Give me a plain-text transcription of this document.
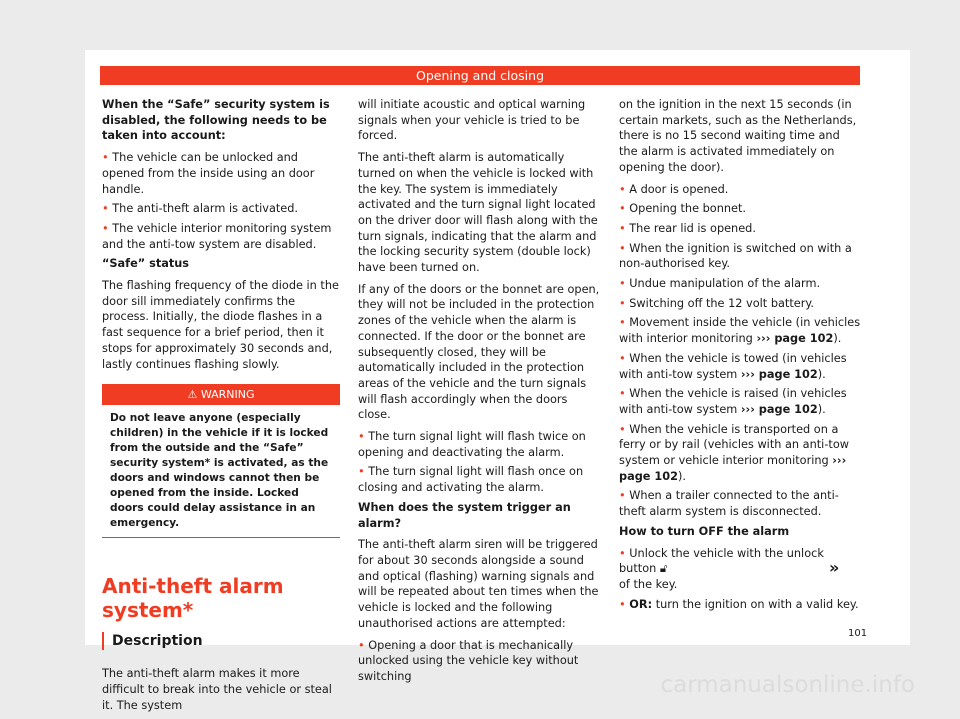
Opening and closing

When the “Safe” security system is disabled, the following needs to be taken into account:

• The vehicle can be unlocked and opened from the inside using an door handle.

• The anti-theft alarm is activated.

• The vehicle interior monitoring system and the anti-tow system are disabled.

“Safe” status

The flashing frequency of the diode in the door sill immediately confirms the process. Initially, the diode flashes in a fast sequence for a brief period, then it stops for approximately 30 seconds and, lastly continues flashing slowly.

⚠ WARNING
Do not leave anyone (especially children) in the vehicle if it is locked from the outside and the “Safe” security system* is activated, as the doors and windows cannot then be opened from the inside. Locked doors could delay assistance in an emergency.
Anti-theft alarm system*
Description

The anti-theft alarm makes it more difficult to break into the vehicle or steal it. The system

will initiate acoustic and optical warning signals when your vehicle is tried to be forced.

The anti-theft alarm is automatically turned on when the vehicle is locked with the key. The system is immediately activated and the turn signal light located on the driver door will flash along with the turn signals, indicating that the alarm and the locking security system (double lock) have been turned on.

If any of the doors or the bonnet are open, they will not be included in the protection zones of the vehicle when the alarm is connected. If the door or the bonnet are subsequently closed, they will be automatically included in the protection areas of the vehicle and the turn signals will flash accordingly when the doors close.

• The turn signal light will flash twice on opening and deactivating the alarm.

• The turn signal light will flash once on closing and activating the alarm.

When does the system trigger an alarm?

The anti-theft alarm siren will be triggered for about 30 seconds alongside a sound and optical (flashing) warning signals and will be repeated about ten times when the vehicle is locked and the following unauthorised actions are attempted:

• Opening a door that is mechanically unlocked using the vehicle key without switching

on the ignition in the next 15 seconds (in certain markets, such as the Netherlands, there is no 15 second waiting time and the alarm is activated immediately on opening the door).

• A door is opened.

• Opening the bonnet.

• The rear lid is opened.

• When the ignition is switched on with a non-authorised key.

• Undue manipulation of the alarm.

• Switching off the 12 volt battery.

• Movement inside the vehicle (in vehicles with interior monitoring ››› page 102).

• When the vehicle is towed (in vehicles with anti-tow system ››› page 102).

• When the vehicle is raised (in vehicles with anti-tow system ››› page 102).

• When the vehicle is transported on a ferry or by rail (vehicles with an anti-tow system or vehicle interior monitoring ››› page 102).

• When a trailer connected to the anti-theft alarm system is disconnected.

How to turn OFF the alarm

• Unlock the vehicle with the unlock button 🔓︎
of the key.

• OR: turn the ignition on with a valid key.

»
101
carmanualsonline.info
